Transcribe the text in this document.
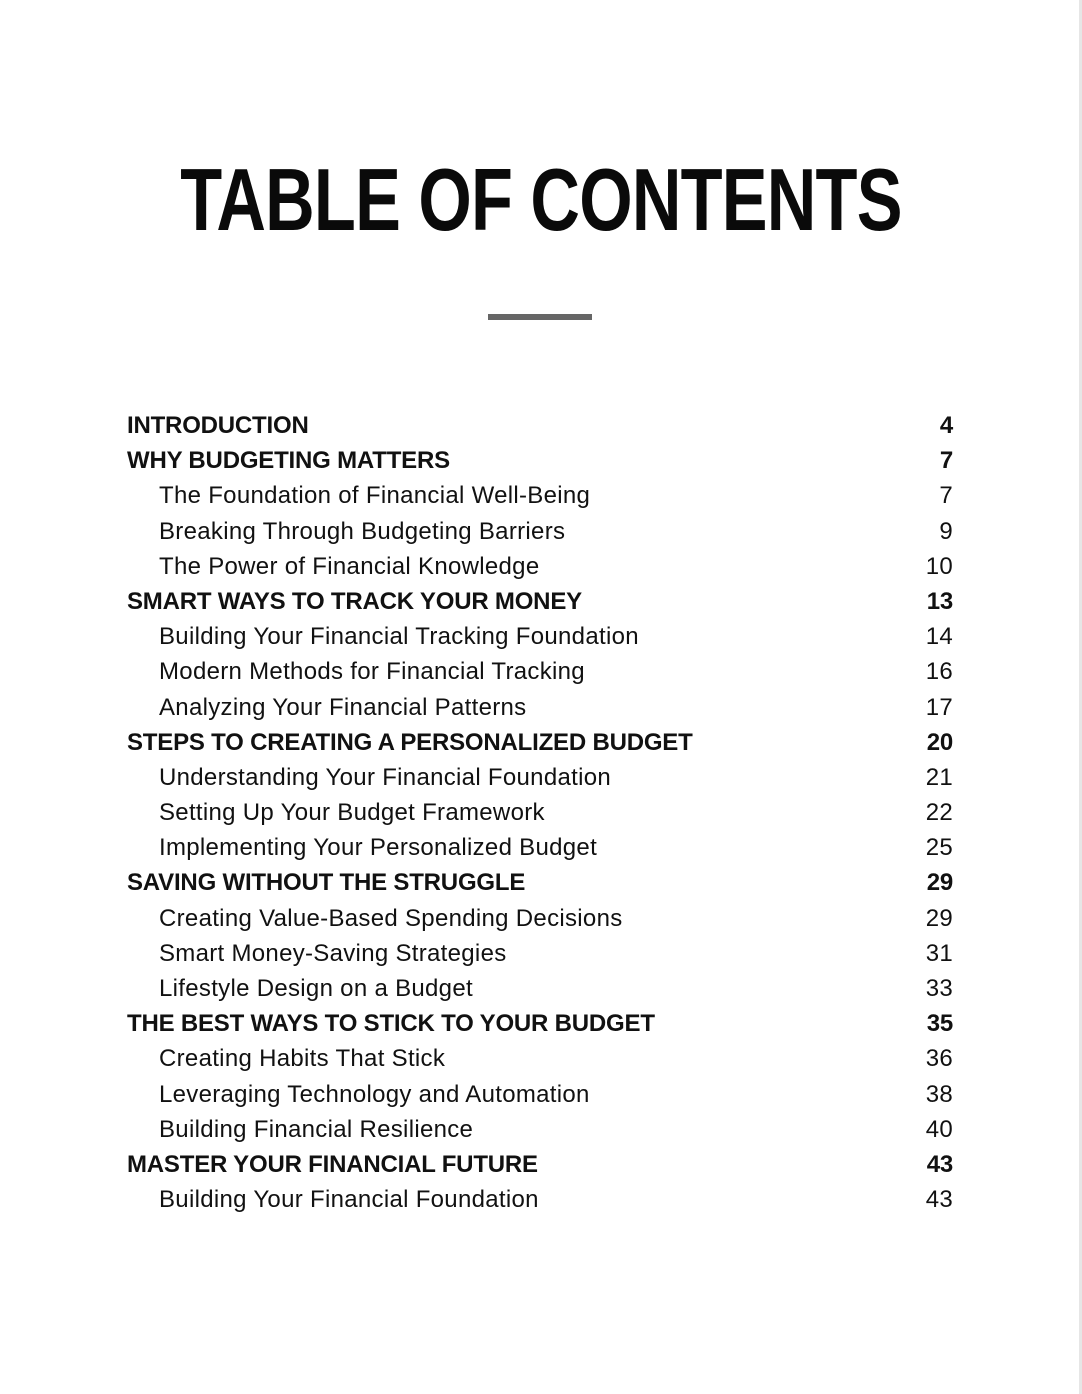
TABLE OF CONTENTS
INTRODUCTION	4
WHY BUDGETING MATTERS	7
The Foundation of Financial Well-Being	7
Breaking Through Budgeting Barriers	9
The Power of Financial Knowledge	10
SMART WAYS TO TRACK YOUR MONEY	13
Building Your Financial Tracking Foundation	14
Modern Methods for Financial Tracking	16
Analyzing Your Financial Patterns	17
STEPS TO CREATING A PERSONALIZED BUDGET	20
Understanding Your Financial Foundation	21
Setting Up Your Budget Framework	22
Implementing Your Personalized Budget	25
SAVING WITHOUT THE STRUGGLE	29
Creating Value-Based Spending Decisions	29
Smart Money-Saving Strategies	31
Lifestyle Design on a Budget	33
THE BEST WAYS TO STICK TO YOUR BUDGET	35
Creating Habits That Stick	36
Leveraging Technology and Automation	38
Building Financial Resilience	40
MASTER YOUR FINANCIAL FUTURE	43
Building Your Financial Foundation	43
